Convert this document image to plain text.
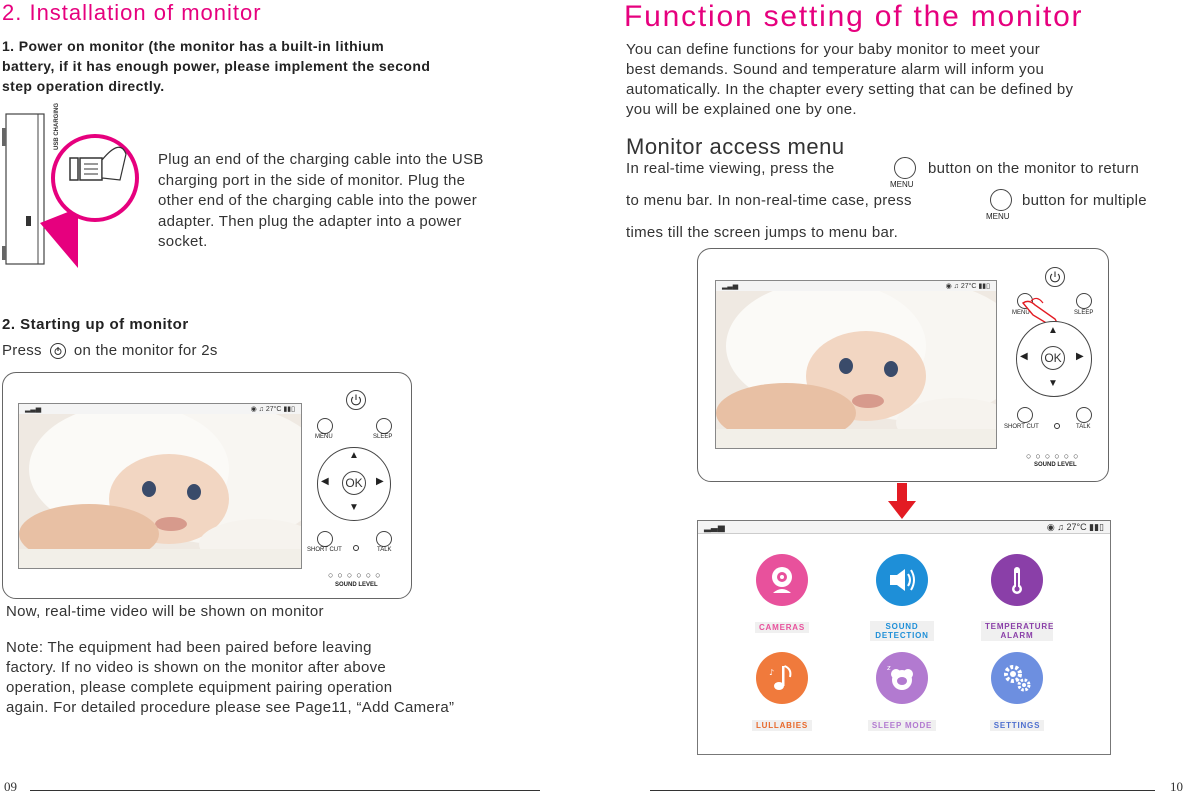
2. Installation of monitor
1. Power on monitor (the monitor has a built-in lithium
battery, if it has enough power, please implement the second
step operation directly.
USB CHARGING
Plug an end of the charging cable into the USB
charging port in the side of monitor. Plug the
other end of the charging cable into the power
adapter. Then plug the adapter into a power
socket.
2. Starting up of monitor
Press on the monitor for 2s
▂▃▅	◉ ♫ 27°C ▮▮▯
MENU	SLEEP
▲
▼
◀	▶
OK
SHORT CUT	TALK
○○○○○○
SOUND LEVEL
Now, real-time video will be shown on monitor
Note: The equipment had been paired before leaving
factory. If no video is shown on the monitor after above
operation, please complete equipment pairing operation
again. For detailed procedure please see Page11, “Add Camera”
09
Function setting of the monitor
You can define functions for your baby monitor to meet your
best demands. Sound and temperature alarm will inform you
automatically. In the chapter every setting that can be defined by
you will be explained one by one.
Monitor access menu
In real-time viewing, press the
MENU
button on the monitor to return
to menu bar. In non-real-time case, press
MENU
button for multiple
times till the screen jumps to menu bar.
▂▃▅	◉ ♫ 27°C ▮▮▯
MENU	SLEEP
▲
▼
◀	▶
OK
SHORT CUT	TALK
○○○○○○
SOUND LEVEL
▂▃▅	◉ ♫ 27°C ▮▮▯
CAMERAS	SOUND DETECTION
TEMPERATURE ALARM
♪
LULLABIES
z
SLEEP MODE	SETTINGS
10
